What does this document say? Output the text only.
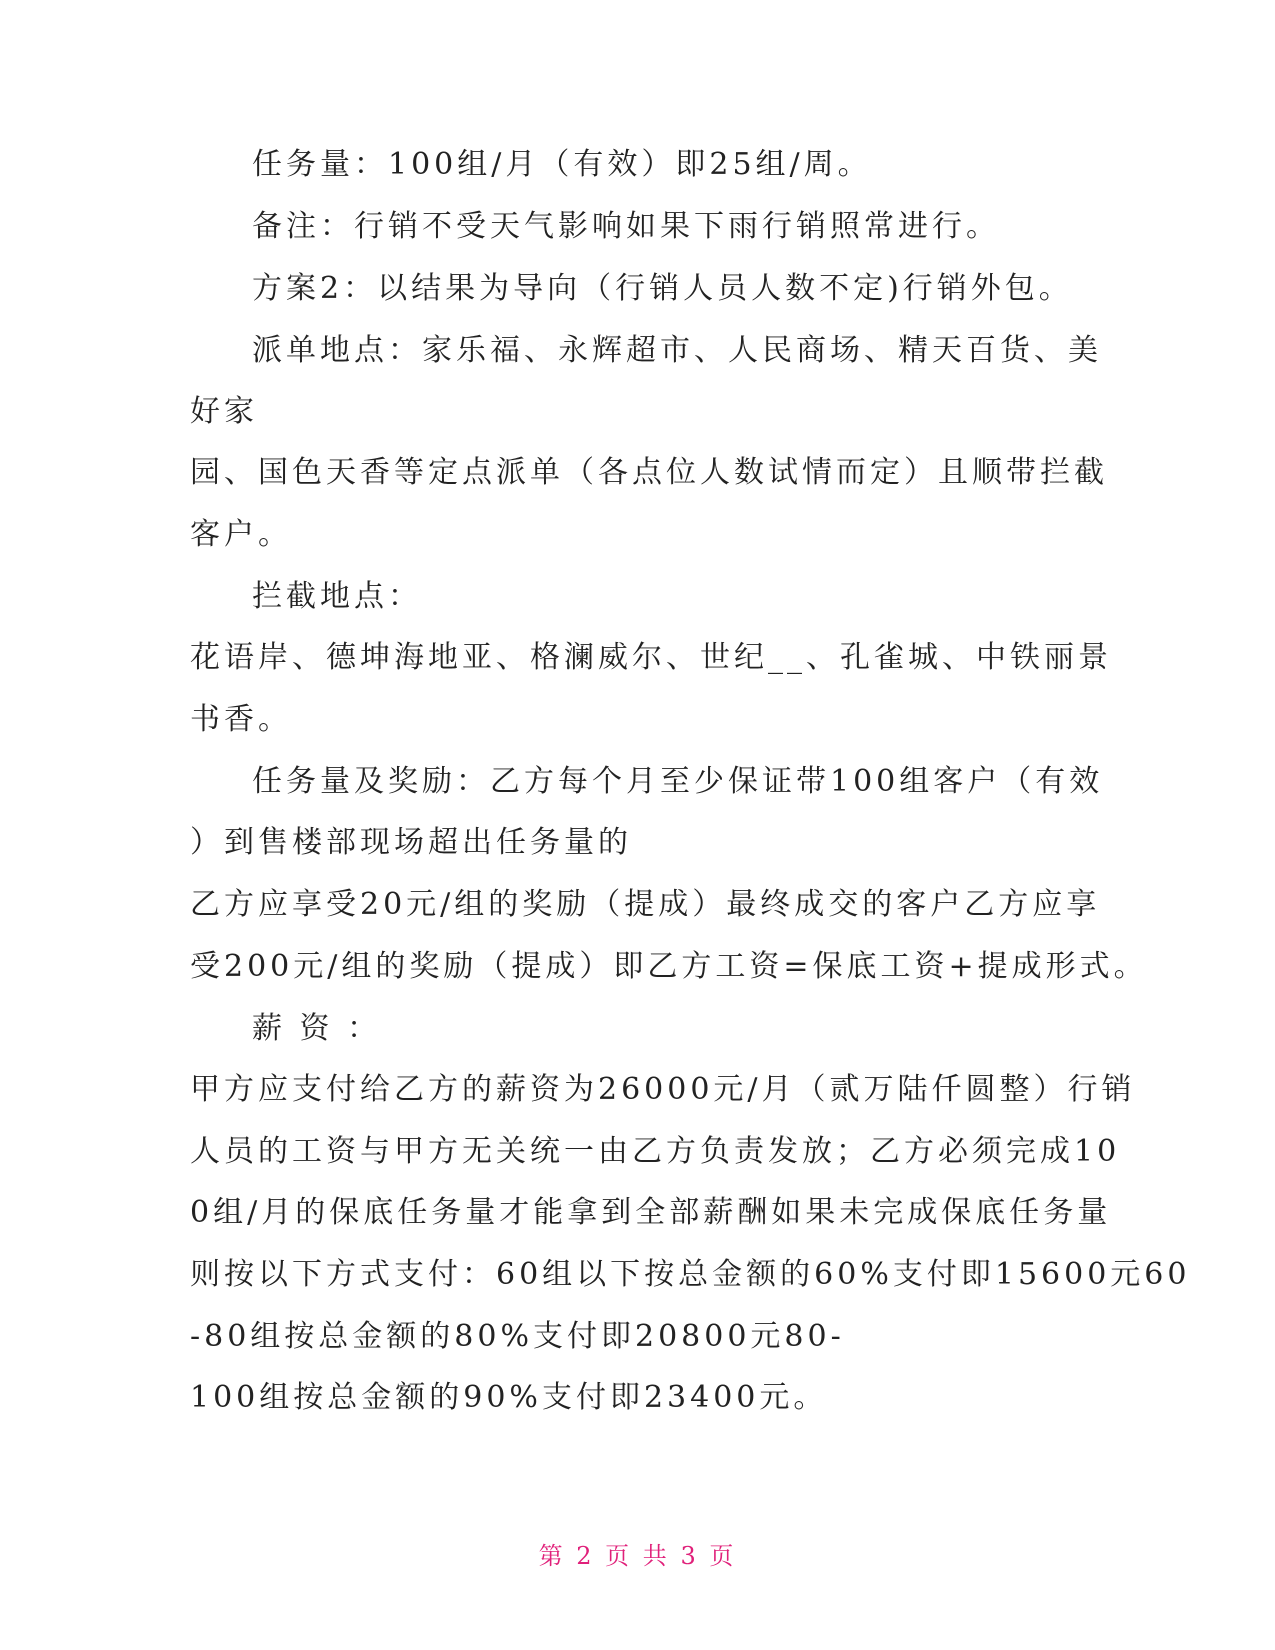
任务量：100组/月（有效）即25组/周。
备注：行销不受天气影响如果下雨行销照常进行。
方案2：以结果为导向（行销人员人数不定)行销外包。
派单地点：家乐福、永辉超市、人民商场、精天百货、美
好家
园、国色天香等定点派单（各点位人数试情而定）且顺带拦截
客户。
拦截地点：
花语岸、德坤海地亚、格澜威尔、世纪__、孔雀城、中铁丽景
书香。
任务量及奖励：乙方每个月至少保证带100组客户（有效
）到售楼部现场超出任务量的
乙方应享受20元/组的奖励（提成）最终成交的客户乙方应享
受200元/组的奖励（提成）即乙方工资=保底工资+提成形式。
薪 资 ：
甲方应支付给乙方的薪资为26000元/月（贰万陆仟圆整）行销
人员的工资与甲方无关统一由乙方负责发放；乙方必须完成10
0组/月的保底任务量才能拿到全部薪酬如果未完成保底任务量
则按以下方式支付：60组以下按总金额的60%支付即15600元60
-80组按总金额的80%支付即20800元80-
100组按总金额的90%支付即23400元。
第 2 页 共 3 页
